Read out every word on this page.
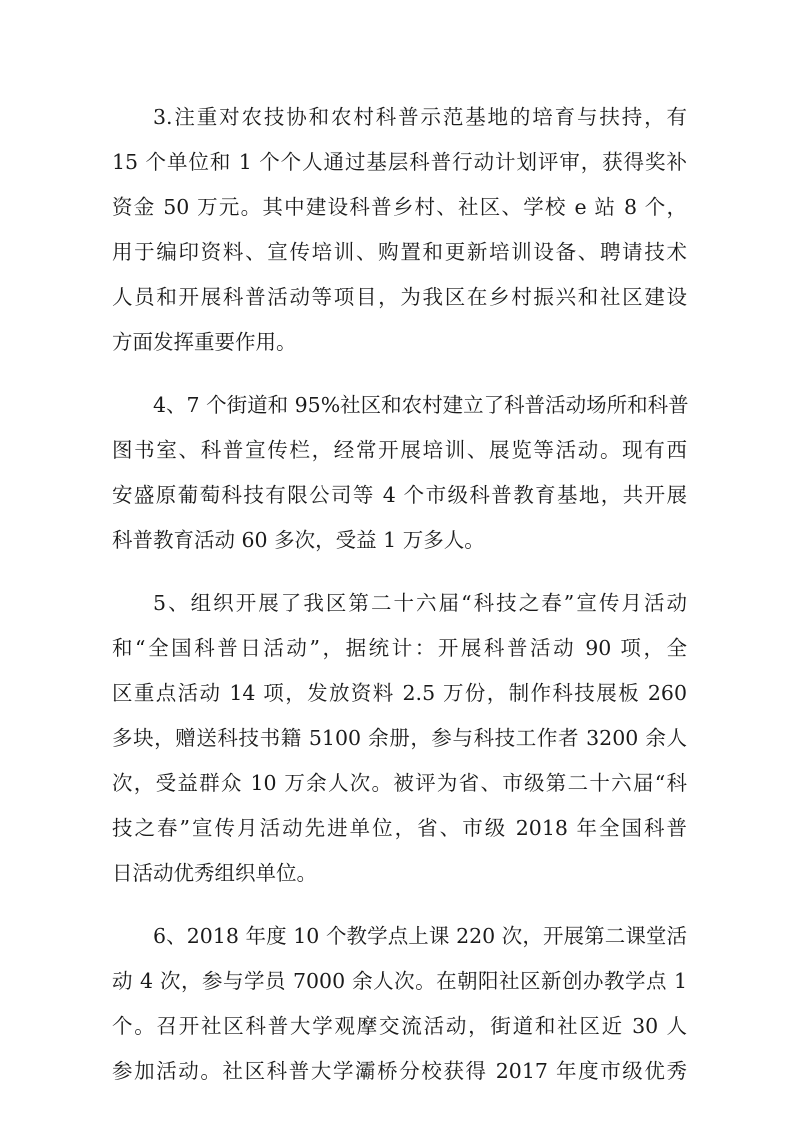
3.注重对农技协和农村科普示范基地的培育与扶持，有
15 个单位和 1 个个人通过基层科普行动计划评审，获得奖补
资金 50 万元。其中建设科普乡村、社区、学校 e 站 8 个，
用于编印资料、宣传培训、购置和更新培训设备、聘请技术
人员和开展科普活动等项目，为我区在乡村振兴和社区建设
方面发挥重要作用。
4、7 个街道和 95%社区和农村建立了科普活动场所和科普
图书室、科普宣传栏，经常开展培训、展览等活动。现有西
安盛原葡萄科技有限公司等 4 个市级科普教育基地，共开展
科普教育活动 60 多次，受益 1 万多人。
5、组织开展了我区第二十六届“科技之春”宣传月活动
和“全国科普日活动”，据统计：开展科普活动 90 项，全
区重点活动 14 项，发放资料 2.5 万份，制作科技展板 260
多块，赠送科技书籍 5100 余册，参与科技工作者 3200 余人
次，受益群众 10 万余人次。被评为省、市级第二十六届“科
技之春”宣传月活动先进单位，省、市级 2018 年全国科普
日活动优秀组织单位。
6、2018 年度 10 个教学点上课 220 次，开展第二课堂活
动 4 次，参与学员 7000 余人次。在朝阳社区新创办教学点 1
个。召开社区科普大学观摩交流活动，街道和社区近 30 人
参加活动。社区科普大学灞桥分校获得 2017 年度市级优秀
